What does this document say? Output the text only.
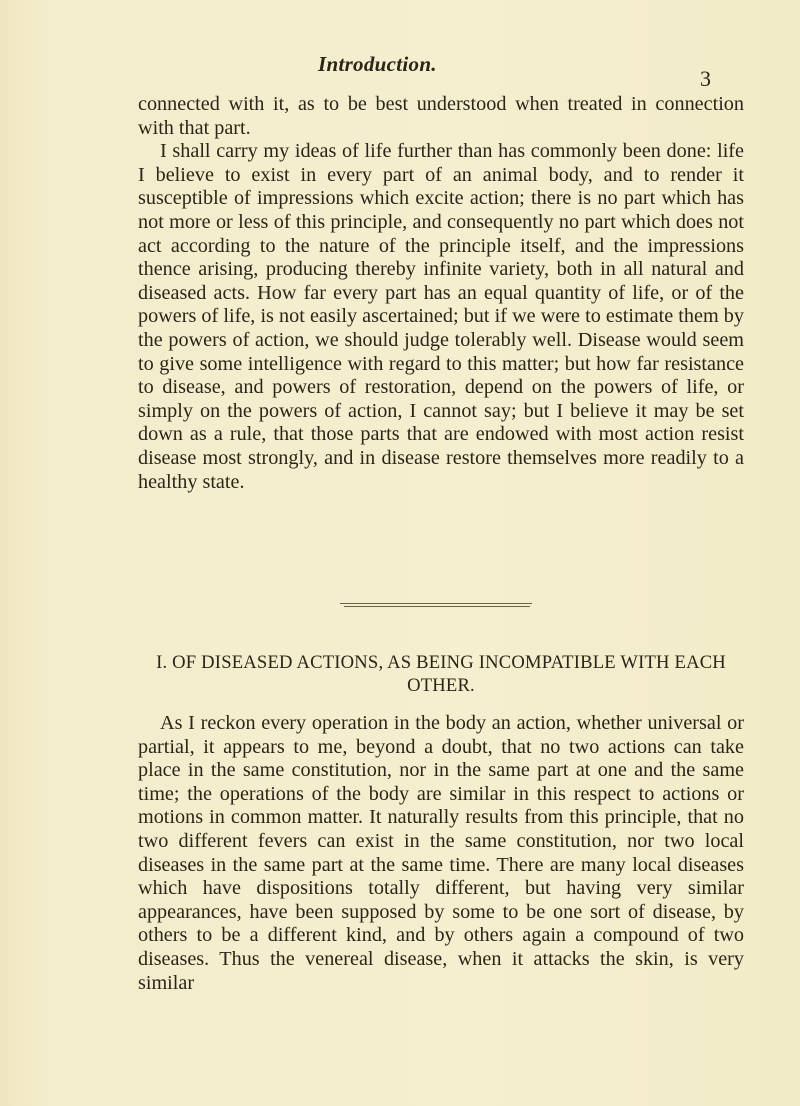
Introduction.
3

connected with it, as to be best understood when treated in connection with that part.

I shall carry my ideas of life further than has commonly been done: life I believe to exist in every part of an animal body, and to render it susceptible of impressions which excite action; there is no part which has not more or less of this principle, and consequently no part which does not act according to the nature of the principle itself, and the impressions thence arising, producing thereby infinite variety, both in all natural and diseased acts. How far every part has an equal quantity of life, or of the powers of life, is not easily ascertained; but if we were to estimate them by the powers of action, we should judge tolerably well. Disease would seem to give some intelligence with regard to this matter; but how far resistance to disease, and powers of restoration, depend on the powers of life, or simply on the powers of action, I cannot say; but I believe it may be set down as a rule, that those parts that are endowed with most action resist disease most strongly, and in disease restore themselves more readily to a healthy state.

I. OF DISEASED ACTIONS, AS BEING INCOMPATIBLE WITH EACH OTHER.

As I reckon every operation in the body an action, whether universal or partial, it appears to me, beyond a doubt, that no two actions can take place in the same constitution, nor in the same part at one and the same time; the operations of the body are similar in this respect to actions or motions in common matter. It naturally results from this principle, that no two different fevers can exist in the same constitution, nor two local diseases in the same part at the same time. There are many local diseases which have dispositions totally different, but having very similar appearances, have been supposed by some to be one sort of disease, by others to be a different kind, and by others again a compound of two diseases. Thus the venereal disease, when it attacks the skin, is very similar
